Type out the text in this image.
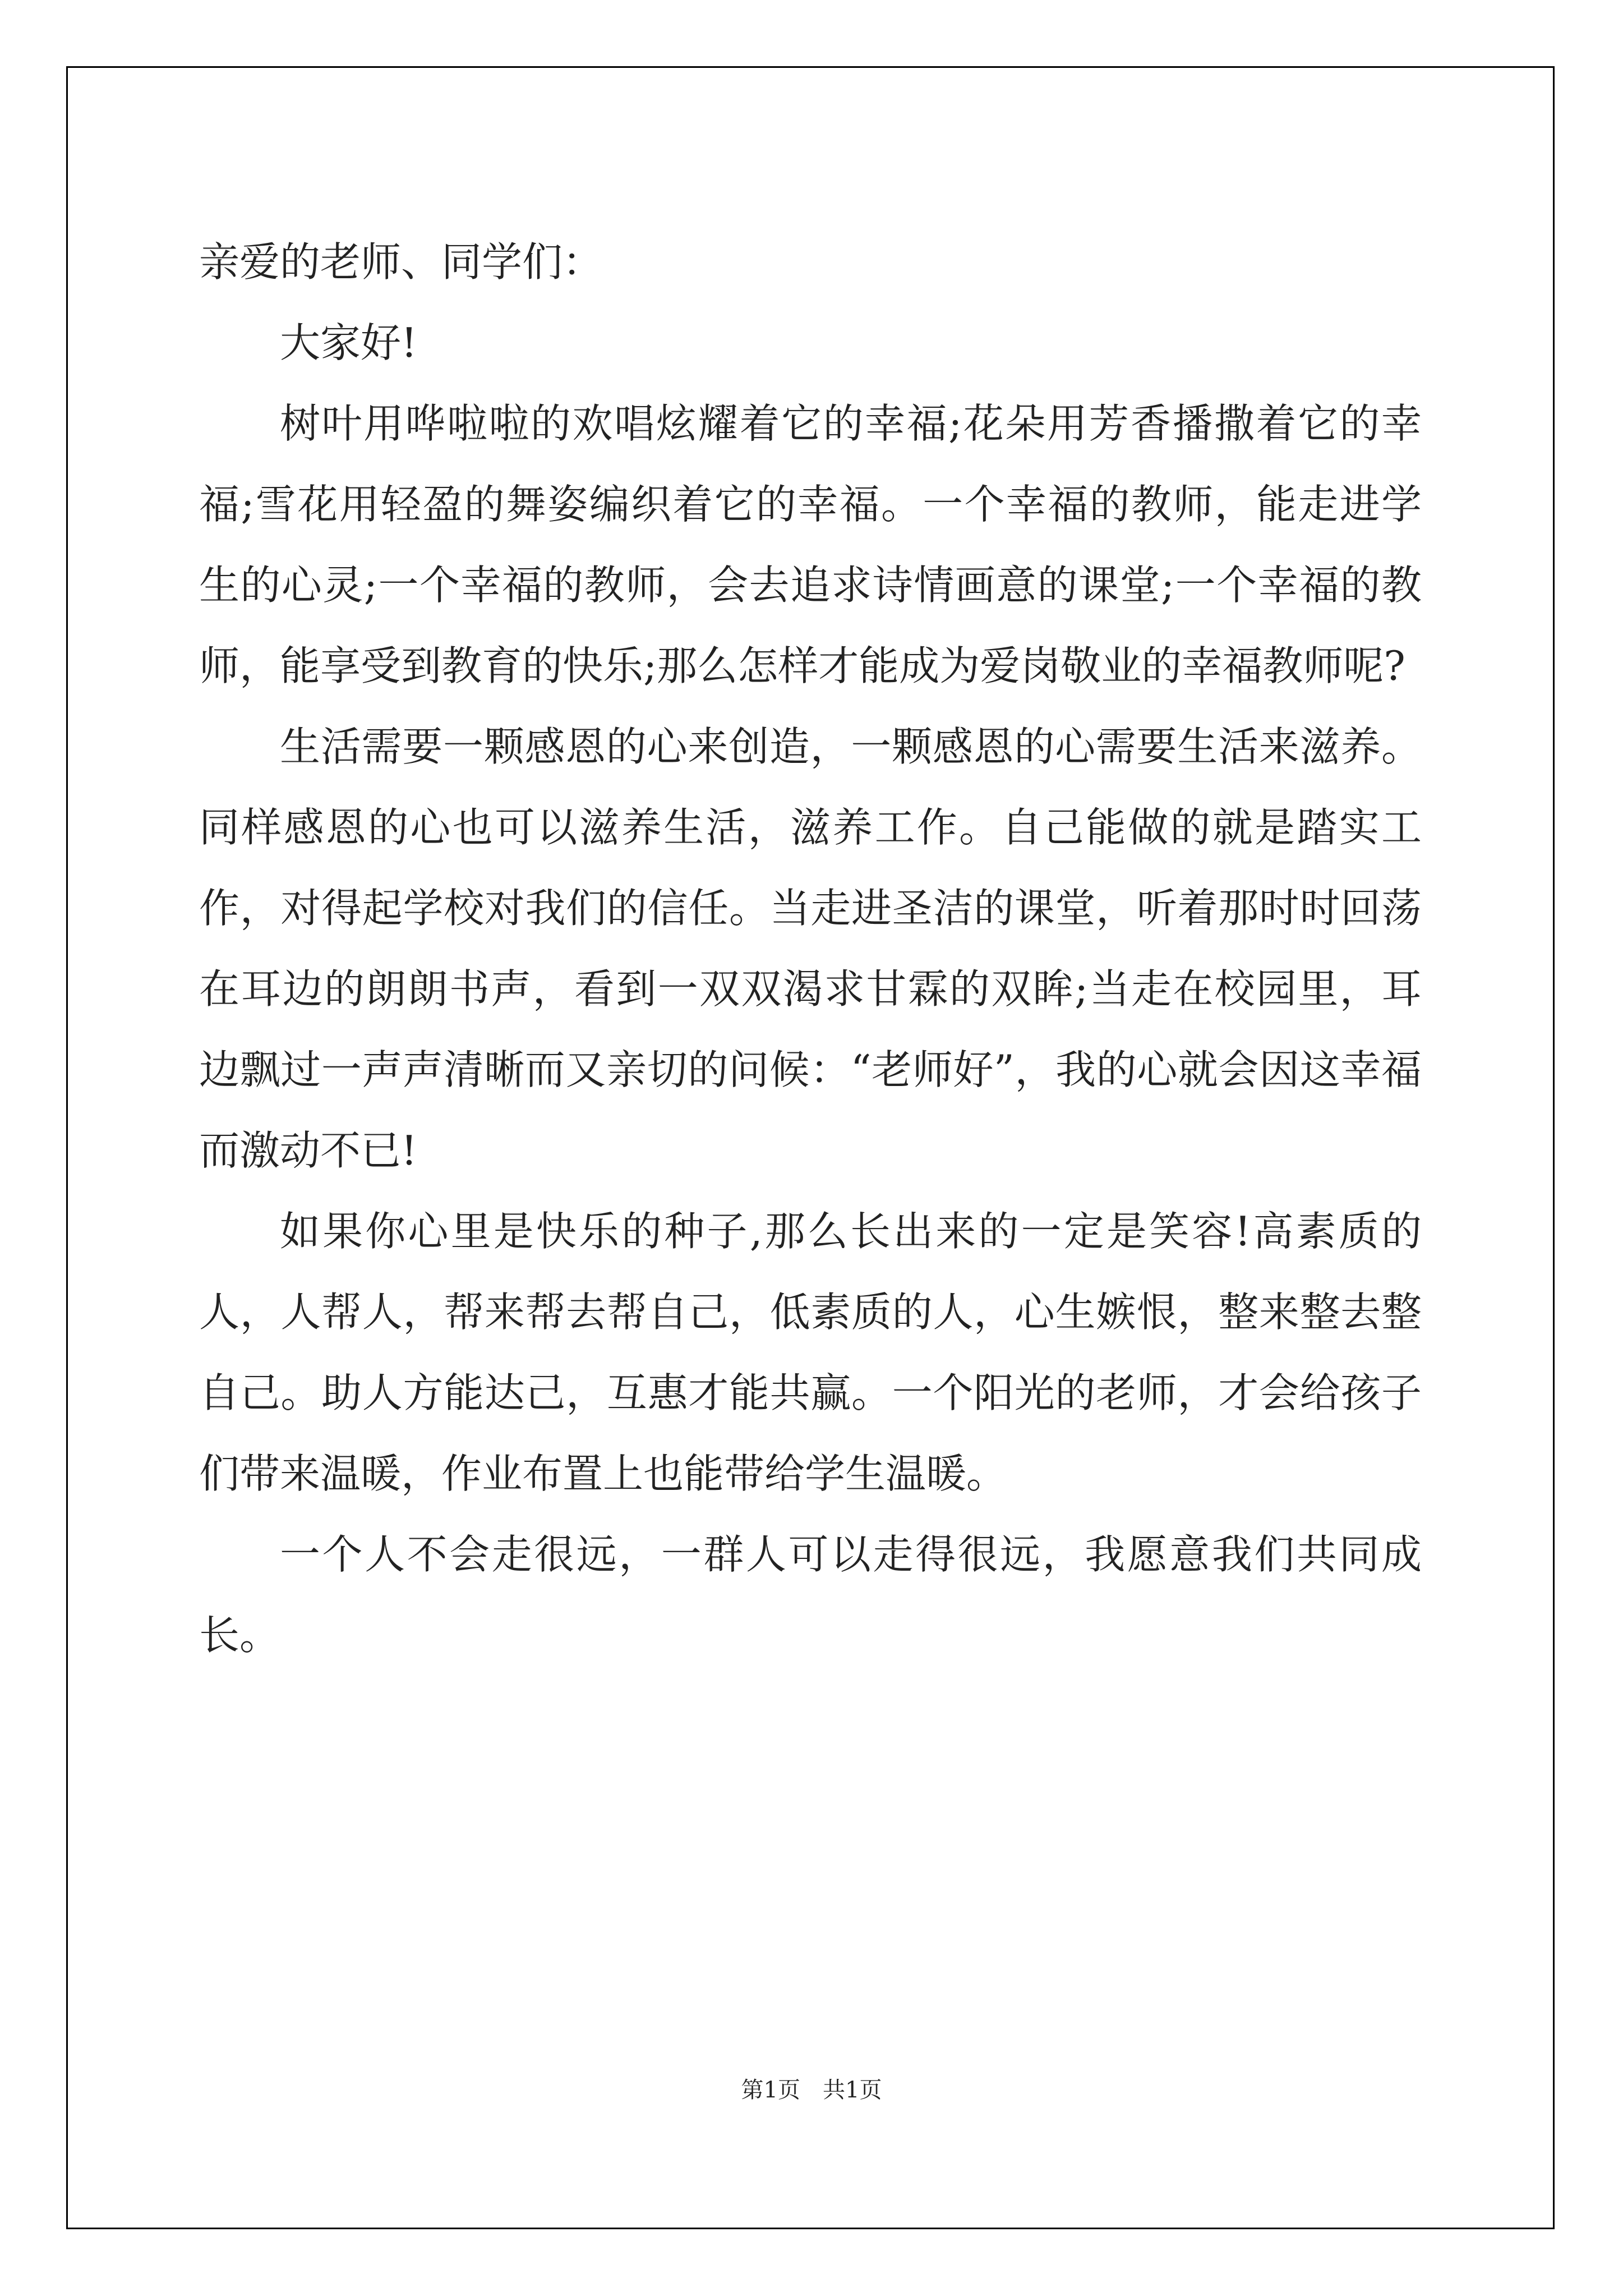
亲爱的老师、同学们：

大家好!

树叶用哗啦啦的欢唱炫耀着它的幸福;花朵用芳香播撒着它的幸福;雪花用轻盈的舞姿编织着它的幸福。一个幸福的教师，能走进学生的心灵;一个幸福的教师，会去追求诗情画意的课堂;一个幸福的教师，能享受到教育的快乐;那么怎样才能成为爱岗敬业的幸福教师呢?

生活需要一颗感恩的心来创造，一颗感恩的心需要生活来滋养。同样感恩的心也可以滋养生活，滋养工作。自己能做的就是踏实工作，对得起学校对我们的信任。当走进圣洁的课堂，听着那时时回荡在耳边的朗朗书声，看到一双双渴求甘霖的双眸;当走在校园里，耳边飘过一声声清晰而又亲切的问候：“老师好”，我的心就会因这幸福而激动不已!

如果你心里是快乐的种子,那么长出来的一定是笑容!高素质的人，人帮人，帮来帮去帮自己，低素质的人，心生嫉恨，整来整去整自己。助人方能达己，互惠才能共赢。一个阳光的老师，才会给孩子们带来温暖，作业布置上也能带给学生温暖。

一个人不会走很远，一群人可以走得很远，我愿意我们共同成长。

第1页 共1页
